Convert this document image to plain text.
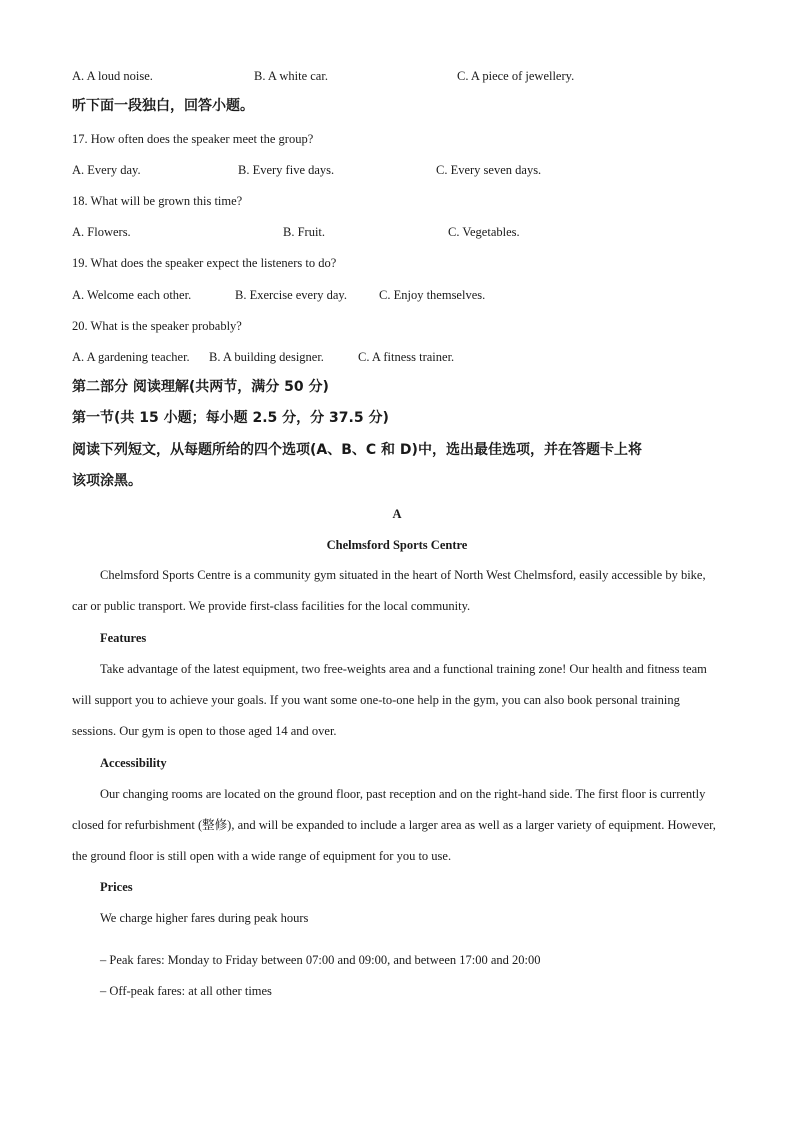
A. A loud noise.	B. A white car.	C. A piece of jewellery.
听下面一段独白，回答小题。
17. How often does the speaker meet the group?
A. Every day.	B. Every five days.	C. Every seven days.
18. What will be grown this time?
A. Flowers.	B. Fruit.	C. Vegetables.
19. What does the speaker expect the listeners to do?
A. Welcome each other.	B. Exercise every day.	C. Enjoy themselves.
20. What is the speaker probably?
A. A gardening teacher. B. A building designer.	C. A fitness trainer.
第二部分 阅读理解(共两节，满分 50 分)
第一节(共 15 小题；每小题 2.5 分，分 37.5 分)
阅读下列短文，从每题所给的四个选项(A、B、C 和 D)中，选出最佳选项，并在答题卡上将
该项涂黑。
A
Chelmsford Sports Centre
Chelmsford Sports Centre is a community gym situated in the heart of North West Chelmsford, easily accessible by bike, car or public transport. We provide first-class facilities for the local community.
Features
Take advantage of the latest equipment, two free-weights area and a functional training zone! Our health and fitness team will support you to achieve your goals. If you want some one-to-one help in the gym, you can also book personal training sessions. Our gym is open to those aged 14 and over.
Accessibility
Our changing rooms are located on the ground floor, past reception and on the right-hand side. The first floor is currently closed for refurbishment (整修), and will be expanded to include a larger area as well as a larger variety of equipment. However, the ground floor is still open with a wide range of equipment for you to use.
Prices
We charge higher fares during peak hours
– Peak fares: Monday to Friday between 07:00 and 09:00, and between 17:00 and 20:00
– Off-peak fares: at all other times
